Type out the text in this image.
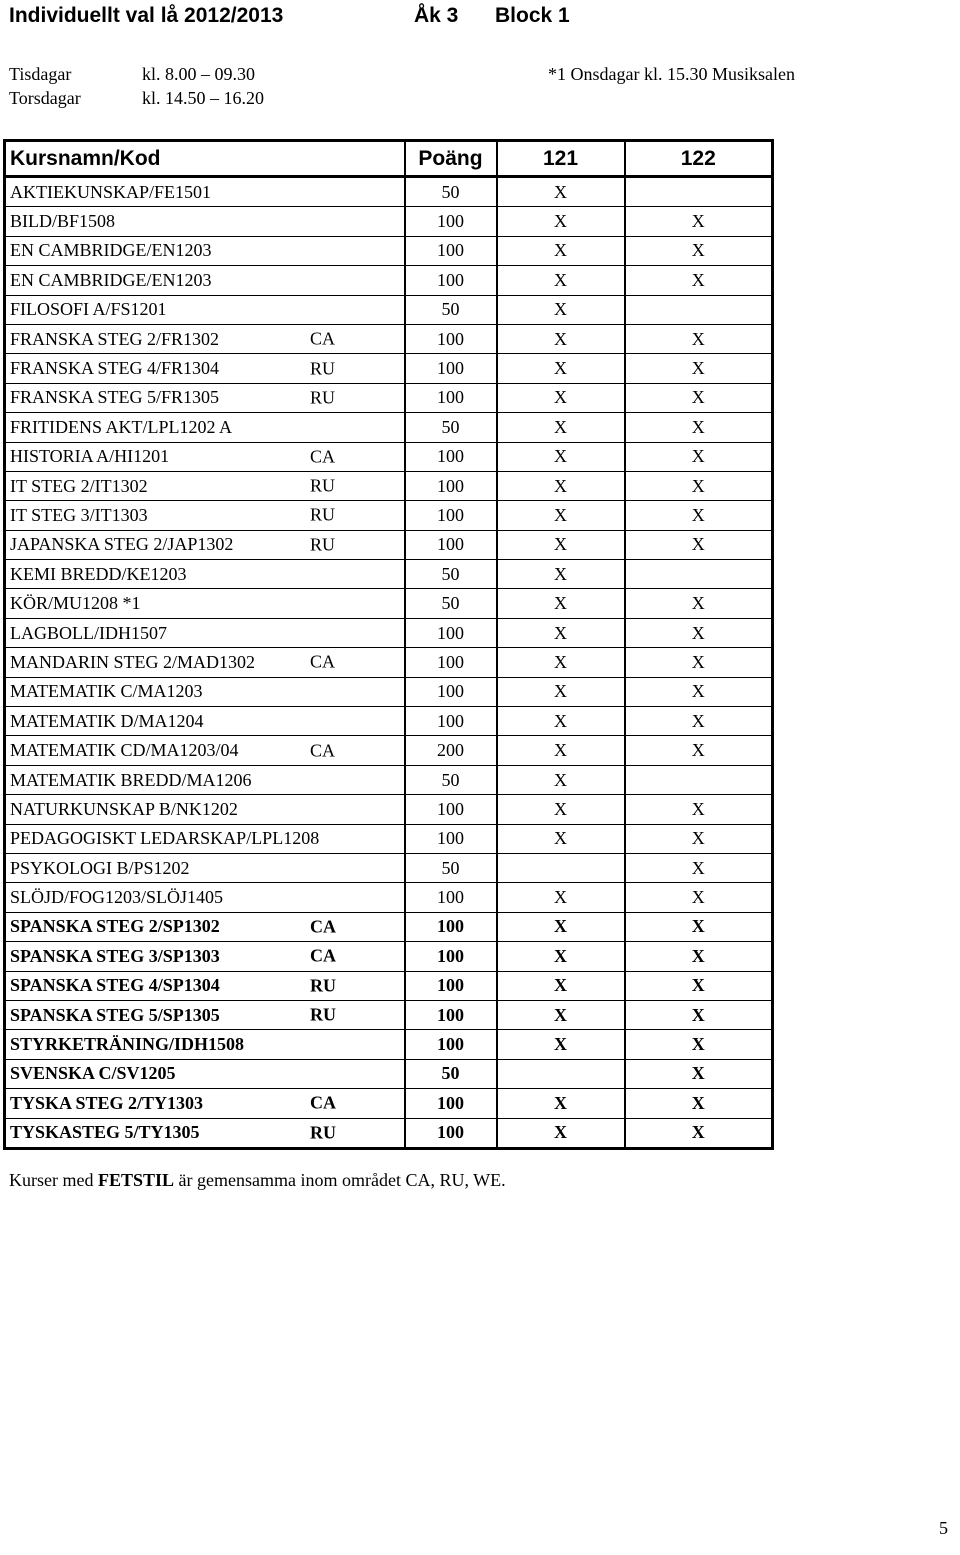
Individuellt val lå 2012/2013	Åk 3 Block 1
Tisdagar	kl. 8.00 – 09.30
Torsdagar	kl. 14.50 – 16.20
*1 Onsdagar kl. 15.30 Musiksalen
Kursnamn/Kod	Poäng	121	122
AKTIEKUNSKAP/FE1501	50	X	
BILD/BF1508	100	X	X
EN CAMBRIDGE/EN1203	100	X	X
EN CAMBRIDGE/EN1203	100	X	X
FILOSOFI A/FS1201	50	X	
FRANSKA STEG 2/FR1302 CA	100	X	X
FRANSKA STEG 4/FR1304 RU	100	X	X
FRANSKA STEG 5/FR1305 RU	100	X	X
FRITIDENS AKT/LPL1202 A	50	X	X
HISTORIA A/HI1201 CA	100	X	X
IT STEG 2/IT1302 RU	100	X	X
IT STEG 3/IT1303 RU	100	X	X
JAPANSKA STEG 2/JAP1302 RU	100	X	X
KEMI BREDD/KE1203	50	X	
KÖR/MU1208 *1	50	X	X
LAGBOLL/IDH1507	100	X	X
MANDARIN STEG 2/MAD1302 CA	100	X	X
MATEMATIK C/MA1203	100	X	X
MATEMATIK D/MA1204	100	X	X
MATEMATIK CD/MA1203/04 CA	200	X	X
MATEMATIK BREDD/MA1206	50	X	
NATURKUNSKAP B/NK1202	100	X	X
PEDAGOGISKT LEDARSKAP/LPL1208	100	X	X
PSYKOLOGI B/PS1202	50		X
SLÖJD/FOG1203/SLÖJ1405	100	X	X
SPANSKA STEG 2/SP1302 CA	100	X	X
SPANSKA STEG 3/SP1303 CA	100	X	X
SPANSKA STEG 4/SP1304 RU	100	X	X
SPANSKA STEG 5/SP1305 RU	100	X	X
STYRKETRÄNING/IDH1508	100	X	X
SVENSKA C/SV1205	50		X
TYSKA STEG 2/TY1303 CA	100	X	X
TYSKASTEG 5/TY1305 RU	100	X	X
Kurser med FETSTIL är gemensamma inom området CA, RU, WE.
5
